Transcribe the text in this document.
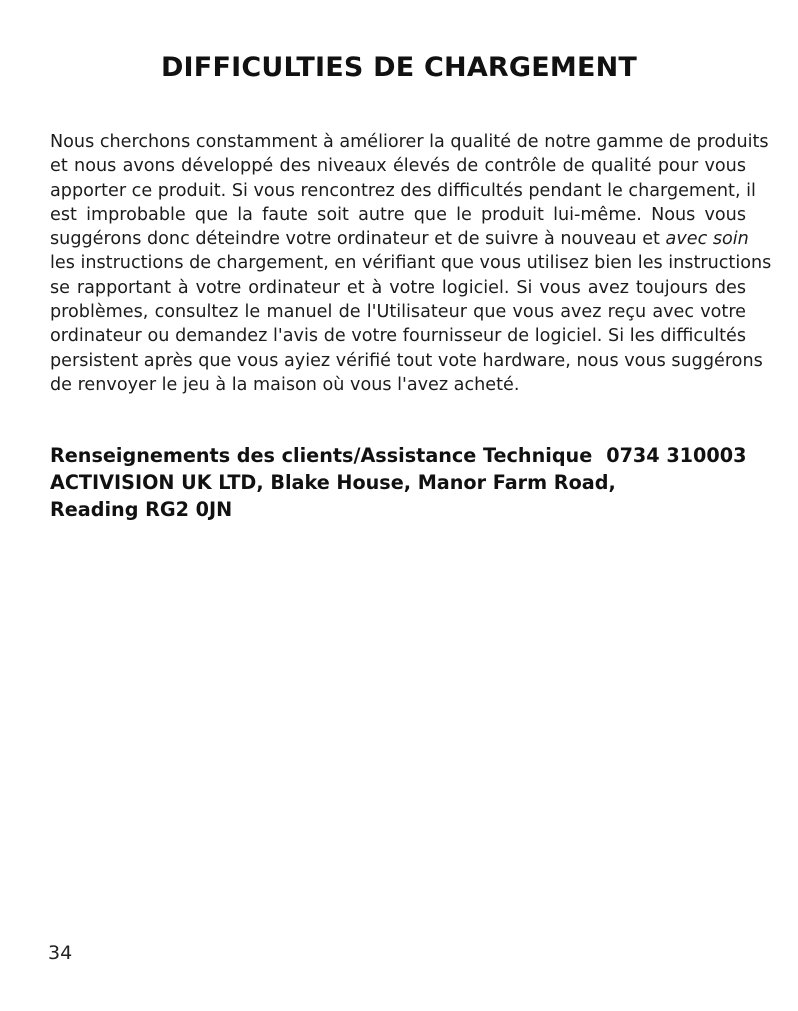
DIFFICULTIES DE CHARGEMENT
Nous cherchons constamment à améliorer la qualité de notre gamme de produits
et nous avons développé des niveaux élevés de contrôle de qualité pour vous
apporter ce produit. Si vous rencontrez des difficultés pendant le chargement, il
est improbable que la faute soit autre que le produit lui-même. Nous vous
suggérons donc déteindre votre ordinateur et de suivre à nouveau et avec soin
les instructions de chargement, en vérifiant que vous utilisez bien les instructions
se rapportant à votre ordinateur et à votre logiciel. Si vous avez toujours des
problèmes, consultez le manuel de l'Utilisateur que vous avez reçu avec votre
ordinateur ou demandez l'avis de votre fournisseur de logiciel. Si les difficultés
persistent après que vous ayiez vérifié tout vote hardware, nous vous suggérons
de renvoyer le jeu à la maison où vous l'avez acheté.
Renseignements des clients/Assistance Technique 0734 310003
ACTIVISION UK LTD, Blake House, Manor Farm Road,
Reading RG2 0JN
34
